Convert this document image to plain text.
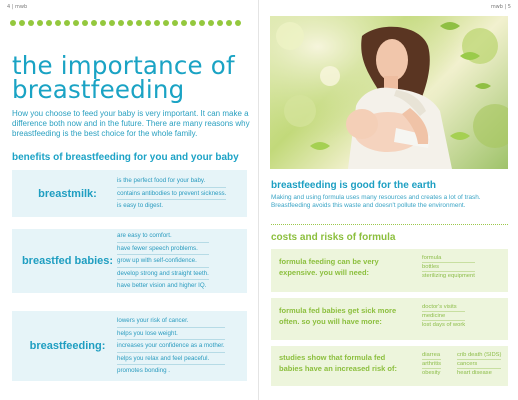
4 | mwb	mwb | 5
the importance of
breastfeeding

How you choose to feed your baby is very important. It can make a difference both now and in the future. There are many reasons why breastfeeding is the best choice for the whole family.

benefits of breastfeeding for you and your baby
breastmilk:
is the perfect food for your baby.
contains antibodies to prevent sickness.
is easy to digest.
breastfed babies:
are easy to comfort.
have fewer speech problems.
grow up with self-confidence.
develop strong and straight teeth.
have better vision and higher IQ.
breastfeeding:
lowers your risk of cancer.
helps you lose weight.
increases your confidence as a mother.
helps you relax and feel peaceful.
promotes bonding .
breastfeeding is good for the earth

Making and using formula uses many resources and creates a lot of trash. Breastfeeding avoids this waste and doesn't pollute the environment.

costs and risks of formula
formula feeding can be very
expensive. you will need:
formula
bottles
sterilizing equipment
formula fed babies get sick more
often. so you will have more:
doctor's visits
medicine
lost days of work
studies show that formula fed
babies have an increased risk of:
diarrea
arthritis
obesity
crib death (SIDS)
cancers
heart disease
